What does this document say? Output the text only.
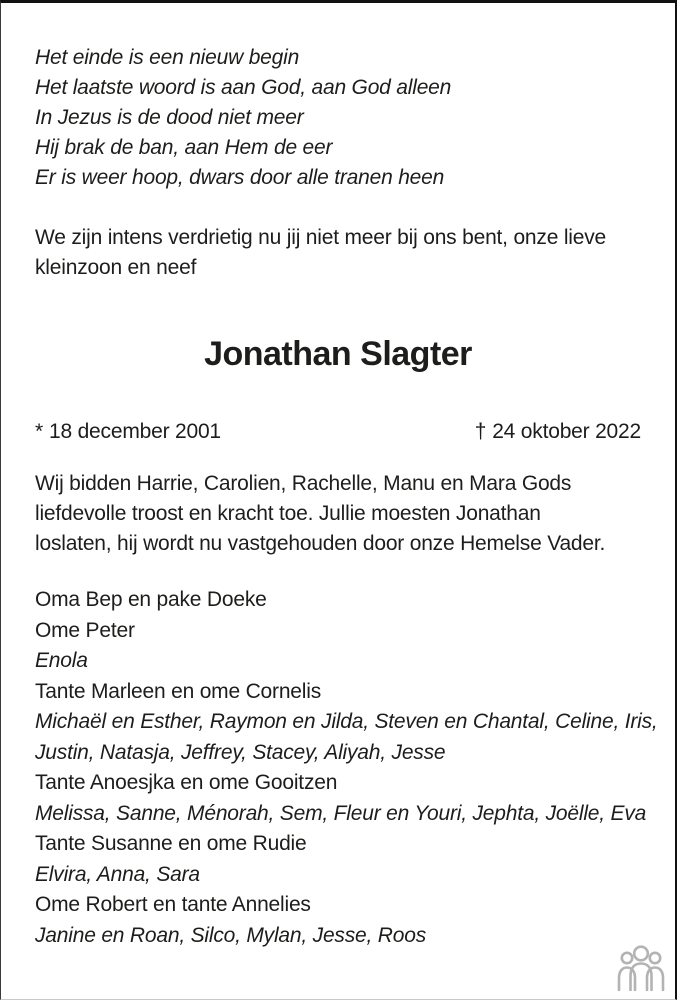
Het einde is een nieuw begin
Het laatste woord is aan God, aan God alleen
In Jezus is de dood niet meer
Hij brak de ban, aan Hem de eer
Er is weer hoop, dwars door alle tranen heen
We zijn intens verdrietig nu jij niet meer bij ons bent, onze lieve
kleinzoon en neef
Jonathan Slagter
* 18 december 2001	† 24 oktober 2022
Wij bidden Harrie, Carolien, Rachelle, Manu en Mara Gods
liefdevolle troost en kracht toe. Jullie moesten Jonathan
loslaten, hij wordt nu vastgehouden door onze Hemelse Vader.
Oma Bep en pake Doeke
Ome Peter
Enola
Tante Marleen en ome Cornelis
Michaël en Esther, Raymon en Jilda, Steven en Chantal, Celine, Iris,
Justin, Natasja, Jeffrey, Stacey, Aliyah, Jesse
Tante Anoesjka en ome Gooitzen
Melissa, Sanne, Ménorah, Sem, Fleur en Youri, Jephta, Joëlle, Eva
Tante Susanne en ome Rudie
Elvira, Anna, Sara
Ome Robert en tante Annelies
Janine en Roan, Silco, Mylan, Jesse, Roos
